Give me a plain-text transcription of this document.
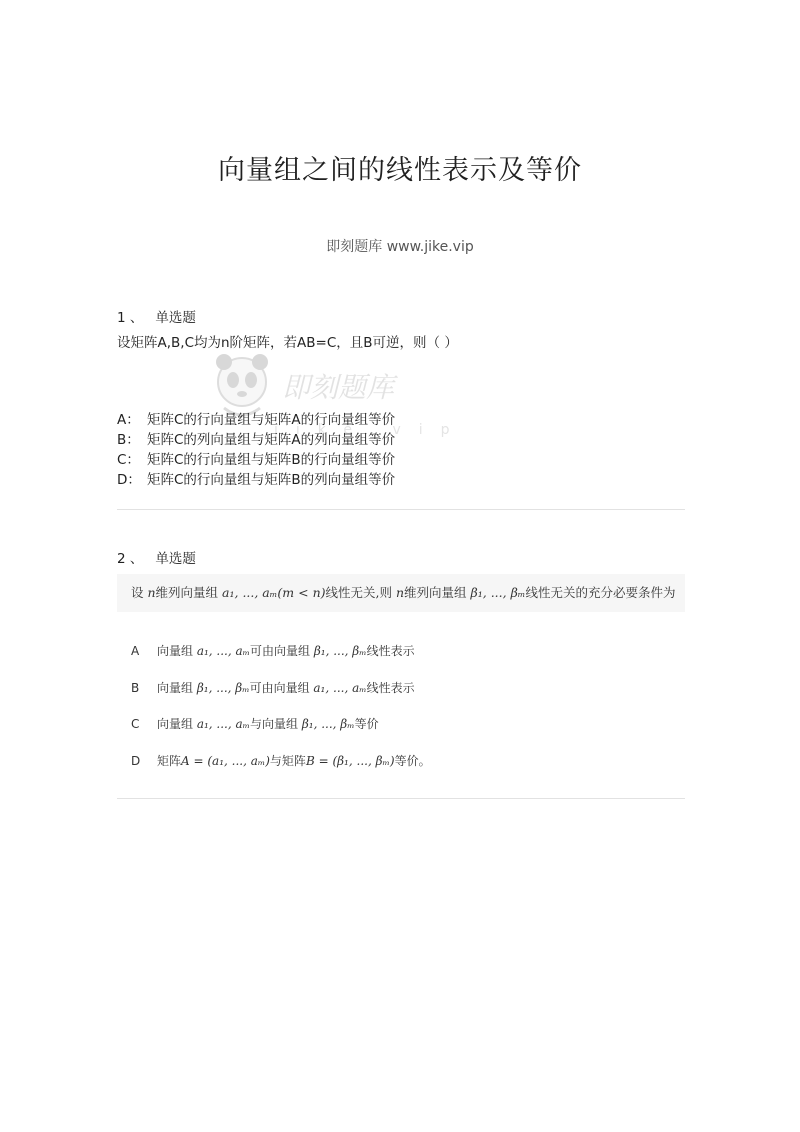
向量组之间的线性表示及等价
即刻题库 www.jike.vip
即刻题库
jike.vip
1 、 单选题
设矩阵A,B,C均为n阶矩阵，若AB=C，且B可逆，则（ ）
A： 矩阵C的行向量组与矩阵A的行向量组等价
B： 矩阵C的列向量组与矩阵A的列向量组等价
C： 矩阵C的行向量组与矩阵B的行向量组等价
D： 矩阵C的行向量组与矩阵B的列向量组等价
2 、 单选题
设 n维列向量组 a₁, ..., aₘ(m < n)线性无关,则 n维列向量组 β₁, ..., βₘ线性无关的充分必要条件为
A 向量组 a₁, ..., aₘ可由向量组 β₁, ..., βₘ线性表示
B 向量组 β₁, ..., βₘ可由向量组 a₁, ..., aₘ线性表示
C 向量组 a₁, ..., aₘ与向量组 β₁, ..., βₘ等价
D 矩阵A = (a₁, ..., aₘ)与矩阵B = (β₁, ..., βₘ)等价。
